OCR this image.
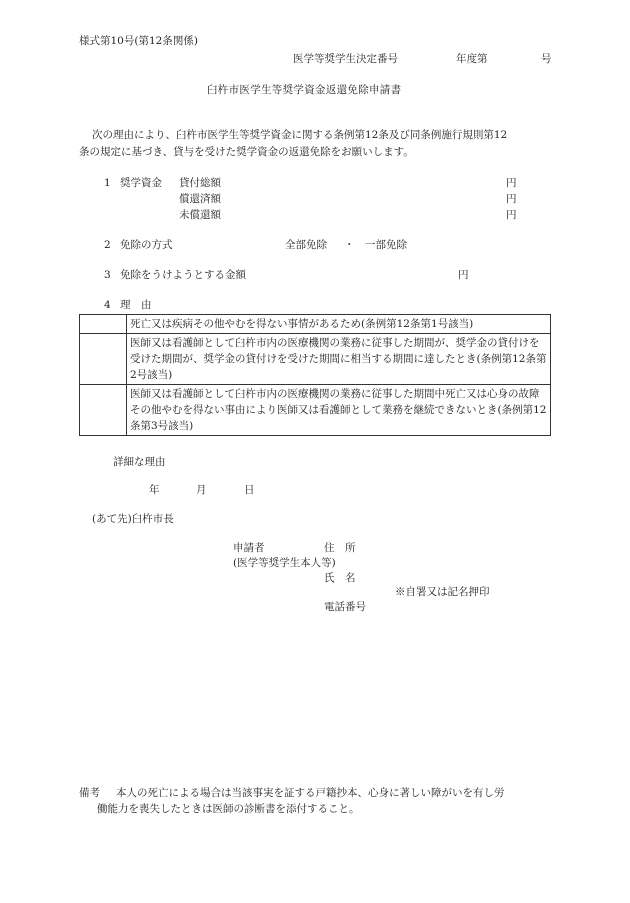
様式第10号(第12条関係)
医学等奨学生決定番号	年度第	号
臼杵市医学生等奨学資金返還免除申請書
次の理由により、臼杵市医学生等奨学資金に関する条例第12条及び同条例施行規則第12
条の規定に基づき、貸与を受けた奨学資金の返還免除をお願いします。
1 奨学資金 貸付総額	円
償還済額	円
未償還額	円
2 免除の方式	全部免除 ・ 一部免除
3 免除をうけようとする金額	円
4 理　由
	死亡又は疾病その他やむを得ない事情があるため(条例第12条第1号該当)
	医師又は看護師として臼杵市内の医療機関の業務に従事した期間が、奨学金の貸付けを受けた期間が、奨学金の貸付けを受けた期間に相当する期間に達したとき(条例第12条第2号該当)
	医師又は看護師として臼杵市内の医療機関の業務に従事した期間中死亡又は心身の故障その他やむを得ない事由により医師又は看護師として業務を継続できないとき(条例第12条第3号該当)
詳細な理由
年	月	日
(あて先)臼杵市長
申請者	住　所
(医学等奨学生本人等)
氏　名
※自署又は記名押印
電話番号
備考 本人の死亡による場合は当該事実を証する戸籍抄本、心身に著しい障がいを有し労
働能力を喪失したときは医師の診断書を添付すること。
